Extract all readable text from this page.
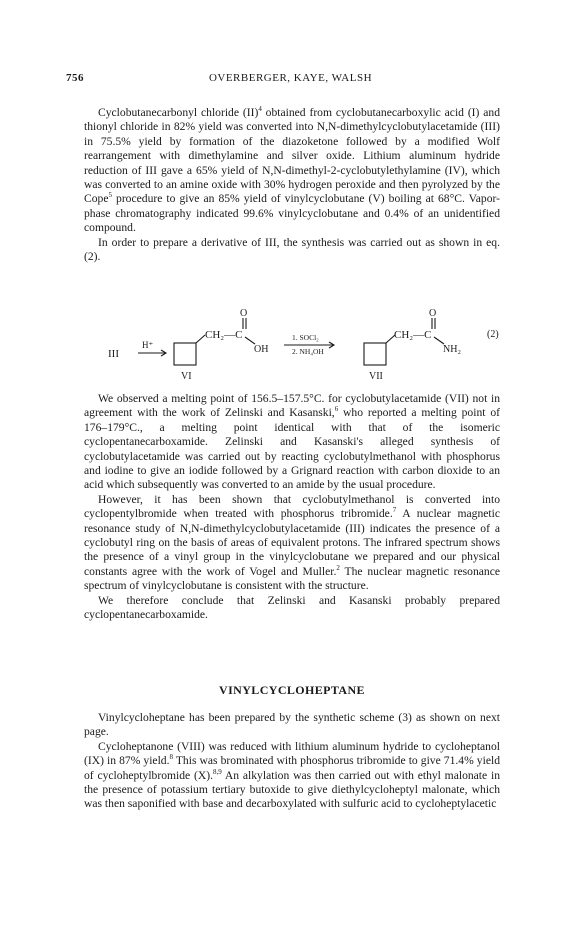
756	OVERBERGER, KAYE, WALSH

Cyclobutanecarbonyl chloride (II)$^4$ obtained from cyclobutanecarboxylic acid (I) and thionyl chloride in 82% yield was converted into N,N-dimethylcyclobutylacetamide (III) in 75.5% yield by formation of the diazoketone followed by a modified Wolf rearrangement with dimethylamine and silver oxide. Lithium aluminum hydride reduction of III gave a 65% yield of N,N-dimethyl-2-cyclobutylethylamine (IV), which was converted to an amine oxide with 30% hydrogen peroxide and then pyrolyzed by the Cope$^5$ procedure to give an 85% yield of vinylcyclobutane (V) boiling at 68°C. Vapor-phase chromatography indicated 99.6% vinylcyclobutane and 0.4% of an unidentified compound.

In order to prepare a derivative of III, the synthesis was carried out as shown in eq. (2).

III
H⁺
O
CH₂—C
OH
VI
1. SOCl₂
2. NH₄OH
O
CH₂—C
NH₂
VII
(2)

We observed a melting point of 156.5–157.5°C. for cyclobutylacetamide (VII) not in agreement with the work of Zelinski and Kasanski,$^6$ who reported a melting point of 176–179°C., a melting point identical with that of the isomeric cyclopentanecarboxamide. Zelinski and Kasanski's alleged synthesis of cyclobutylacetamide was carried out by reacting cyclobutylmethanol with phosphorus and iodine to give an iodide followed by a Grignard reaction with carbon dioxide to an acid which subsequently was converted to an amide by the usual procedure.

However, it has been shown that cyclobutylmethanol is converted into cyclopentylbromide when treated with phosphorus tribromide.$^7$ A nuclear magnetic resonance study of N,N-dimethylcyclobutylacetamide (III) indicates the presence of a cyclobutyl ring on the basis of areas of equivalent protons. The infrared spectrum shows the presence of a vinyl group in the vinylcyclobutane we prepared and our physical constants agree with the work of Vogel and Muller.$^2$ The nuclear magnetic resonance spectrum of vinylcyclobutane is consistent with the structure.

We therefore conclude that Zelinski and Kasanski probably prepared cyclopentanecarboxamide.

VINYLCYCLOHEPTANE

Vinylcycloheptane has been prepared by the synthetic scheme (3) as shown on next page.

Cycloheptanone (VIII) was reduced with lithium aluminum hydride to cycloheptanol (IX) in 87% yield.$^8$ This was brominated with phosphorus tribromide to give 71.4% yield of cycloheptylbromide (X).$^{8,9}$ An alkylation was then carried out with ethyl malonate in the presence of potassium tertiary butoxide to give diethylcycloheptyl malonate, which was then saponified with base and decarboxylated with sulfuric acid to cycloheptylacetic
